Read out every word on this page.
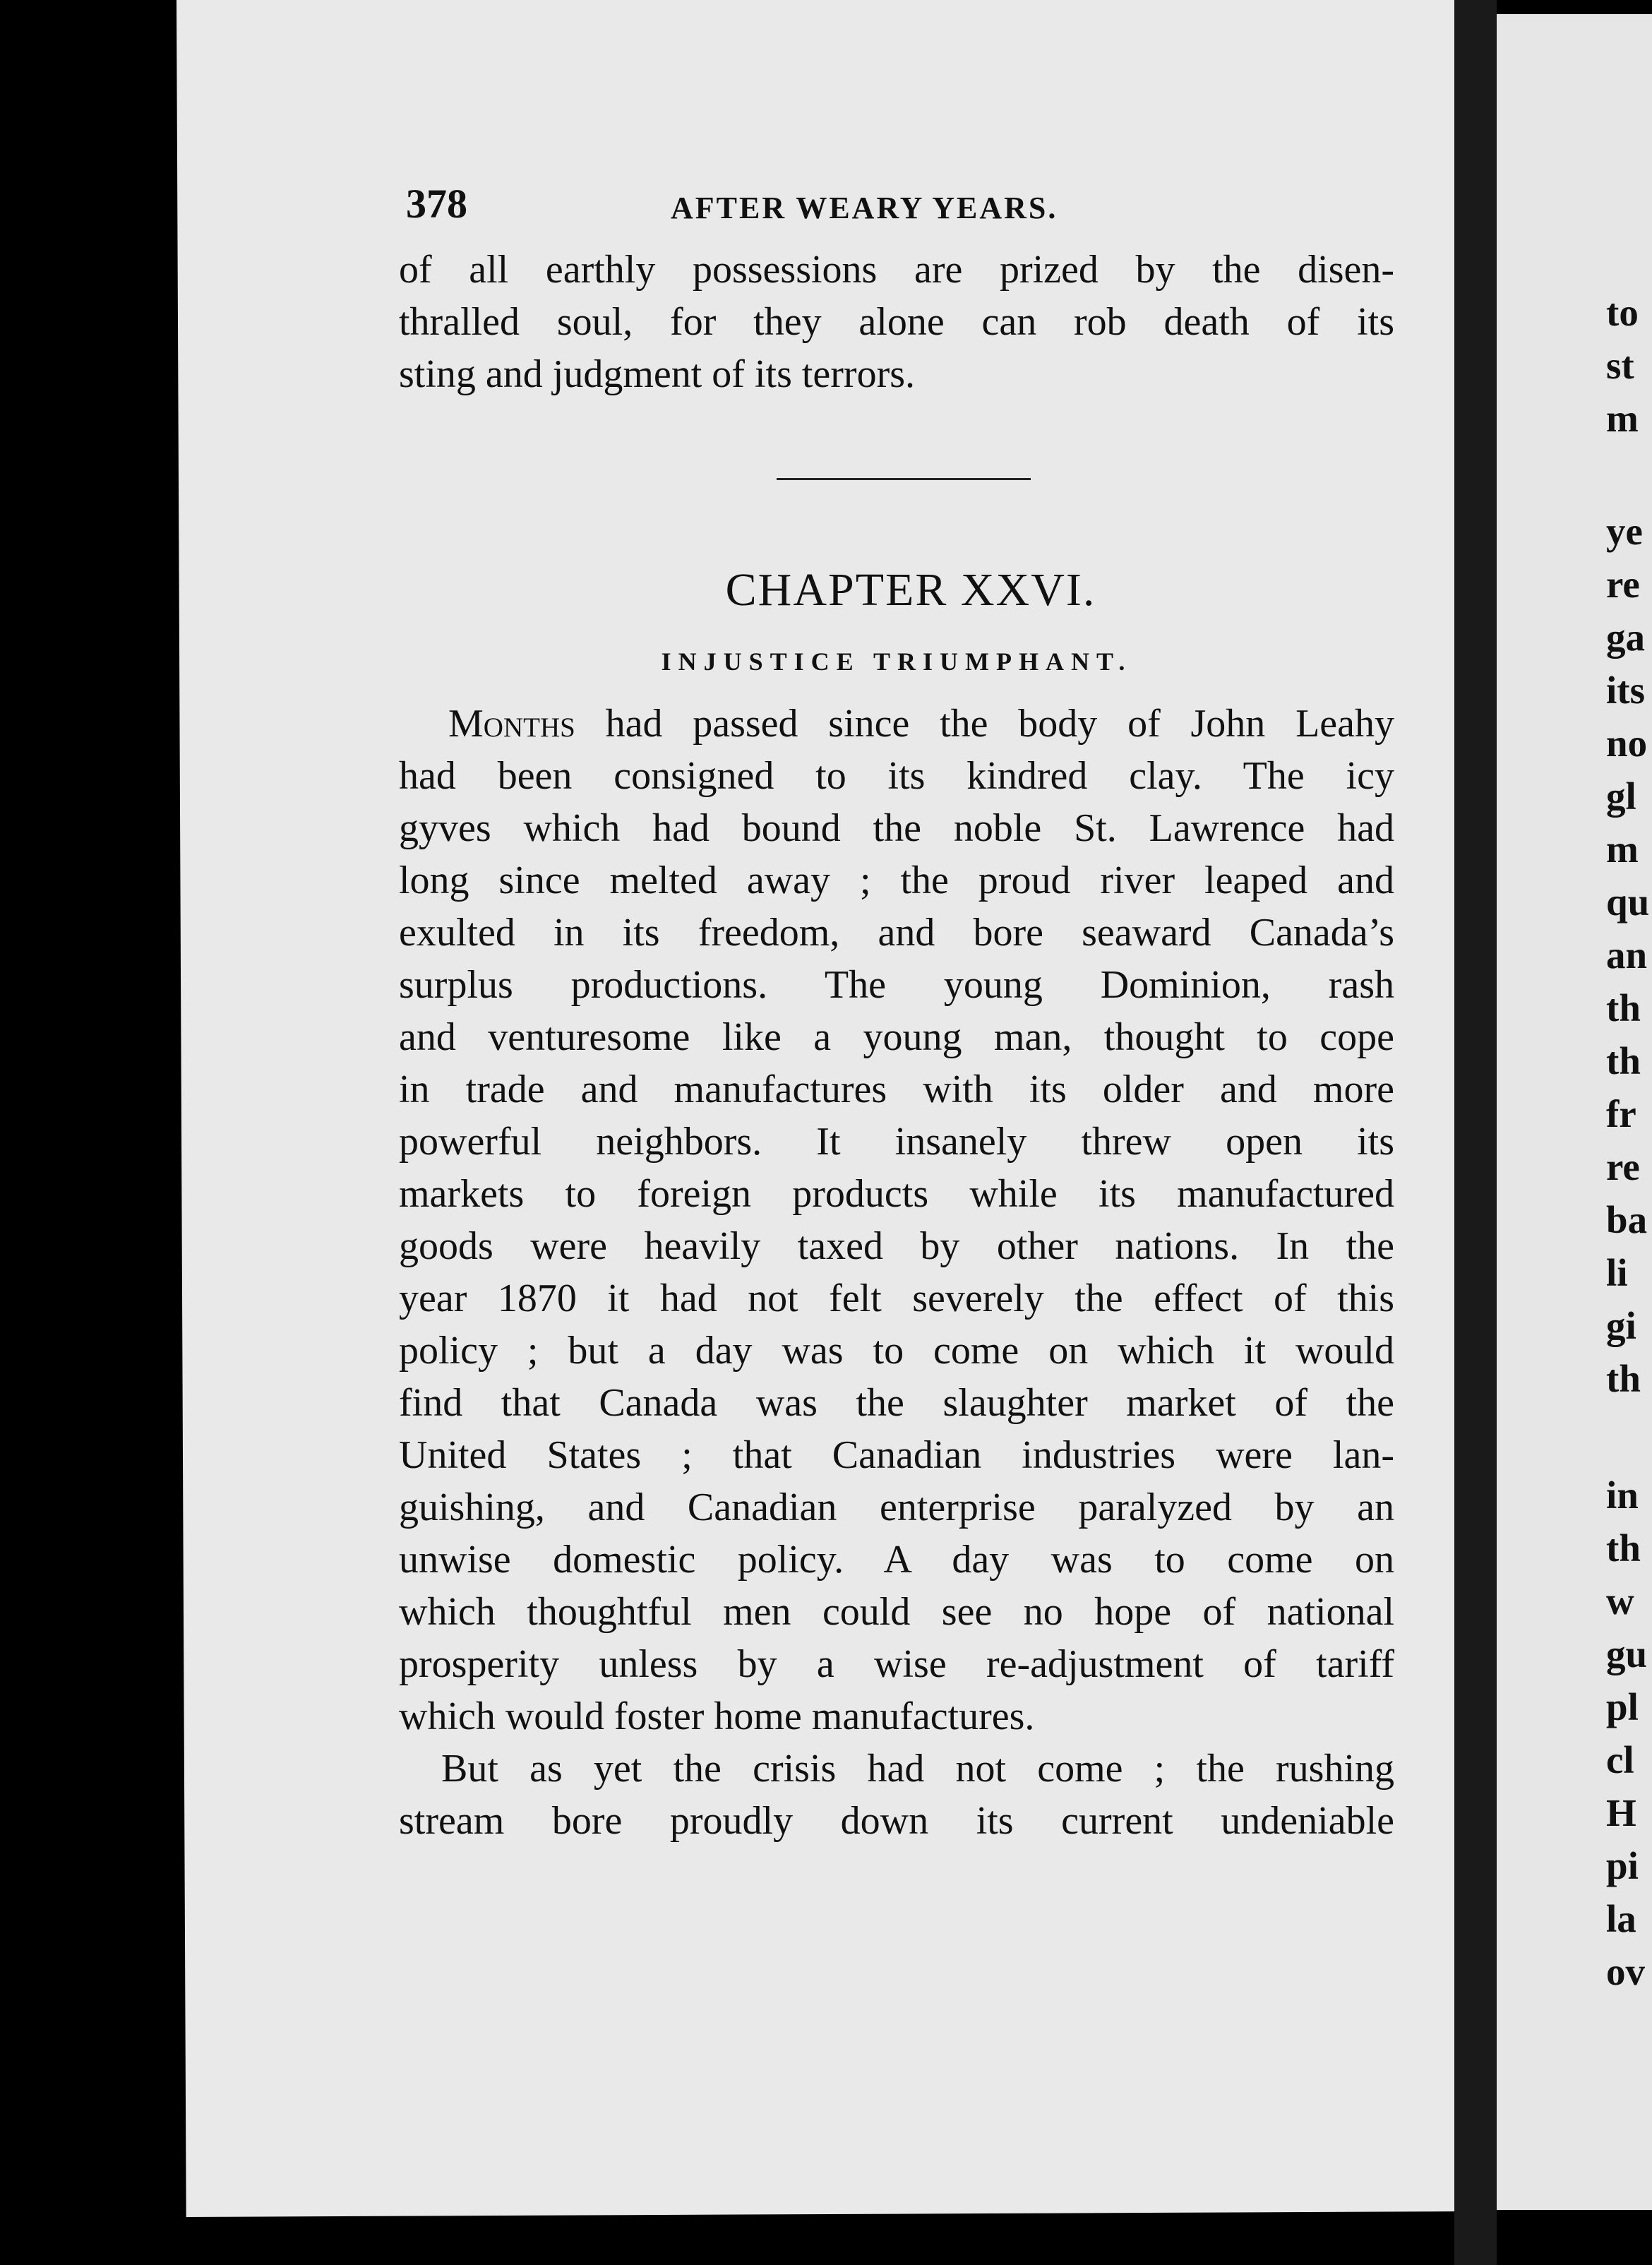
to
st
m
ye
re
ga
its
no
gl
m
qu
an
th
th
fr
re
ba
li
gi
th
in
th
w
gu
pl
cl
H
pi
la
ov
378	AFTER WEARY YEARS.

of all earthly possessions are prized by the disen-
thralled soul, for they alone can rob death of its
sting and judgment of its terrors.

CHAPTER XXVI.
INJUSTICE TRIUMPHANT.

Months had passed since the body of John Leahy
had been consigned to its kindred clay. The icy
gyves which had bound the noble St. Lawrence had
long since melted away ; the proud river leaped and
exulted in its freedom, and bore seaward Canada’s
surplus productions. The young Dominion, rash
and venturesome like a young man, thought to cope
in trade and manufactures with its older and more
powerful neighbors. It insanely threw open its
markets to foreign products while its manufactured
goods were heavily taxed by other nations. In the
year 1870 it had not felt severely the effect of this
policy ; but a day was to come on which it would
find that Canada was the slaughter market of the
United States ; that Canadian industries were lan-
guishing, and Canadian enterprise paralyzed by an
unwise domestic policy. A day was to come on
which thoughtful men could see no hope of national
prosperity unless by a wise re-adjustment of tariff
which would foster home manufactures.

But as yet the crisis had not come ; the rushing
stream bore proudly down its current undeniable
